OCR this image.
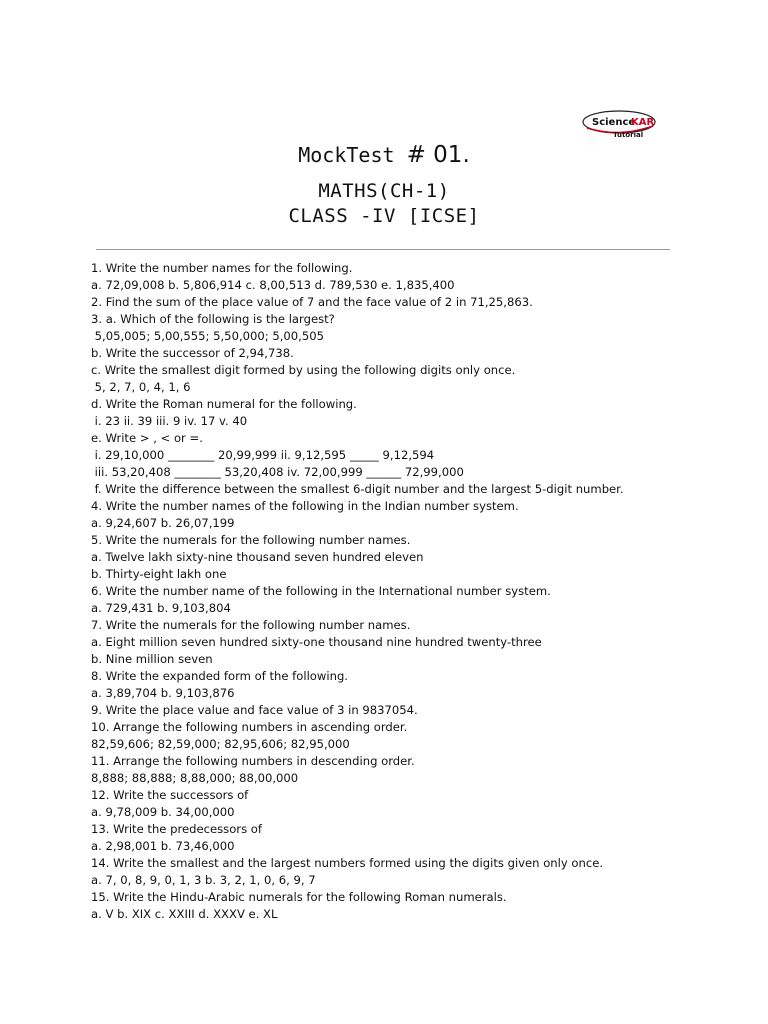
Science
KAR
Tutorial
MockTest # 01.
MATHS(CH-1)
CLASS -IV [ICSE]
1. Write the number names for the following.
a. 72,09,008 b. 5,806,914 c. 8,00,513 d. 789,530 e. 1,835,400
2. Find the sum of the place value of 7 and the face value of 2 in 71,25,863.
3. a. Which of the following is the largest?
5,05,005; 5,00,555; 5,50,000; 5,00,505
b. Write the successor of 2,94,738.
c. Write the smallest digit formed by using the following digits only once.
5, 2, 7, 0, 4, 1, 6
d. Write the Roman numeral for the following.
i. 23 ii. 39 iii. 9 iv. 17 v. 40
e. Write > , < or =.
i. 29,10,000 ________ 20,99,999 ii. 9,12,595 _____ 9,12,594
iii. 53,20,408 ________ 53,20,408 iv. 72,00,999 ______ 72,99,000
f. Write the difference between the smallest 6-digit number and the largest 5-digit number.
4. Write the number names of the following in the Indian number system.
a. 9,24,607 b. 26,07,199
5. Write the numerals for the following number names.
a. Twelve lakh sixty-nine thousand seven hundred eleven
b. Thirty-eight lakh one
6. Write the number name of the following in the International number system.
a. 729,431 b. 9,103,804
7. Write the numerals for the following number names.
a. Eight million seven hundred sixty-one thousand nine hundred twenty-three
b. Nine million seven
8. Write the expanded form of the following.
a. 3,89,704 b. 9,103,876
9. Write the place value and face value of 3 in 9837054.
10. Arrange the following numbers in ascending order.
82,59,606; 82,59,000; 82,95,606; 82,95,000
11. Arrange the following numbers in descending order.
8,888; 88,888; 8,88,000; 88,00,000
12. Write the successors of
a. 9,78,009 b. 34,00,000
13. Write the predecessors of
a. 2,98,001 b. 73,46,000
14. Write the smallest and the largest numbers formed using the digits given only once.
a. 7, 0, 8, 9, 0, 1, 3 b. 3, 2, 1, 0, 6, 9, 7
15. Write the Hindu-Arabic numerals for the following Roman numerals.
a. V b. XIX c. XXIII d. XXXV e. XL
